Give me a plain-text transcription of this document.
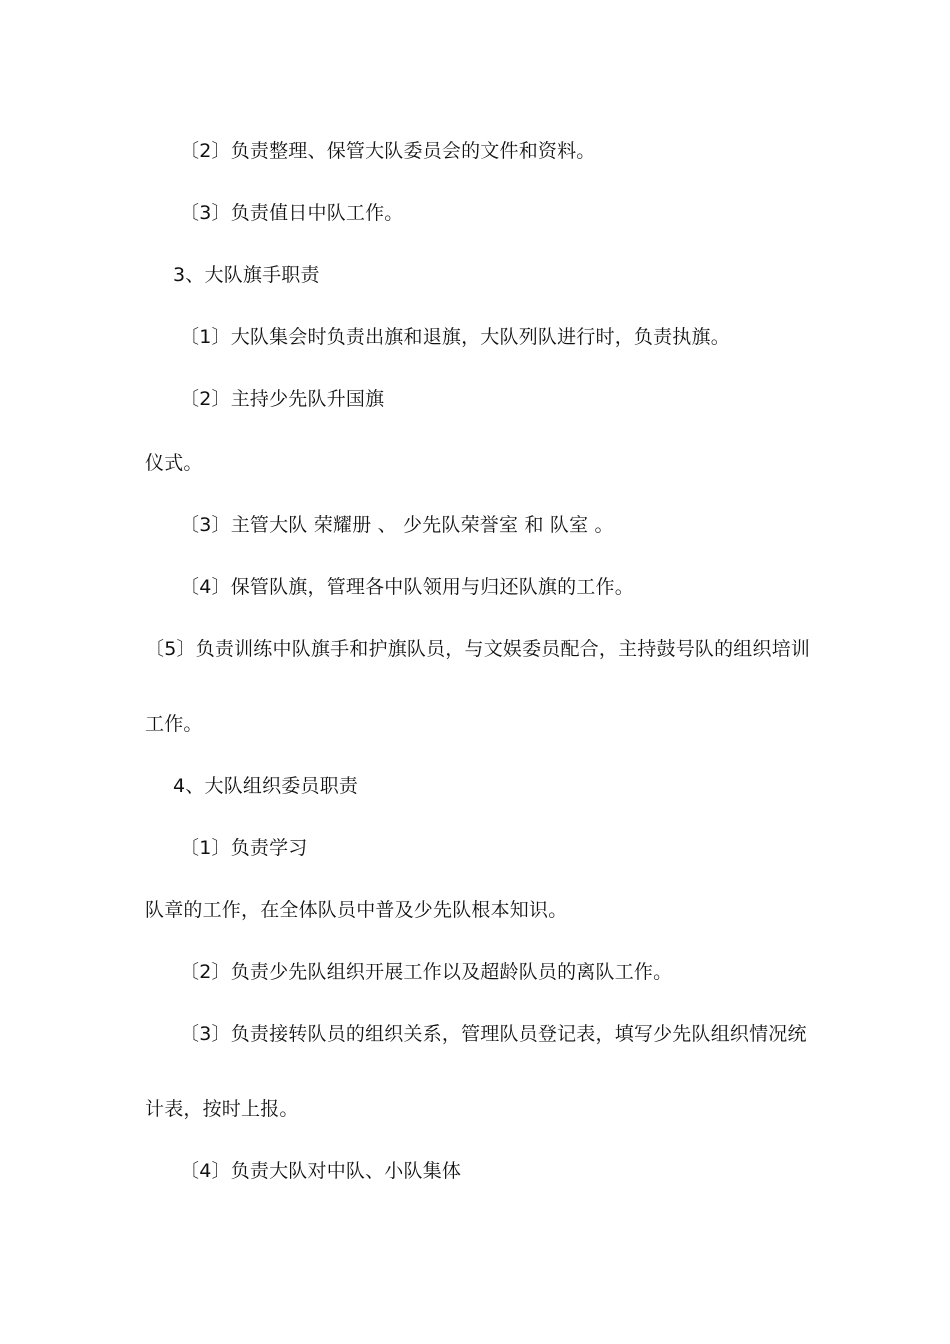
〔2〕负责整理、保管大队委员会的文件和资料。
〔3〕负责值日中队工作。
3、大队旗手职责
〔1〕大队集会时负责出旗和退旗，大队列队进行时，负责执旗。
〔2〕主持少先队升国旗
仪式。
〔3〕主管大队 荣耀册 、 少先队荣誉室 和 队室 。
〔4〕保管队旗，管理各中队领用与归还队旗的工作。
〔5〕负责训练中队旗手和护旗队员，与文娱委员配合，主持鼓号队的组织培训
工作。
4、大队组织委员职责
〔1〕负责学习
队章的工作，在全体队员中普及少先队根本知识。
〔2〕负责少先队组织开展工作以及超龄队员的离队工作。
〔3〕负责接转队员的组织关系，管理队员登记表，填写少先队组织情况统
计表，按时上报。
〔4〕负责大队对中队、小队集体
